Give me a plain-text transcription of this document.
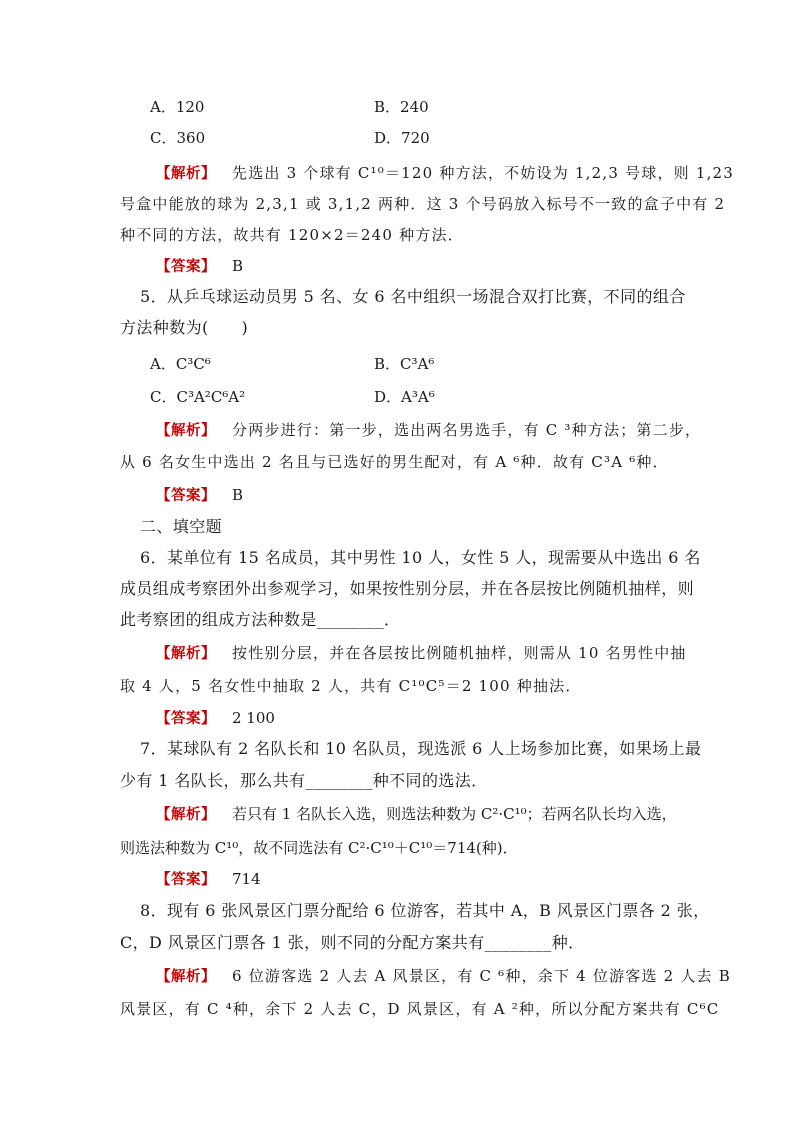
A．120	B．240
C．360	D．720
【解析】 先选出 3 个球有 C¹⁰＝120 种方法，不妨设为 1,2,3 号球，则 1,23
号盒中能放的球为 2,3,1 或 3,1,2 两种．这 3 个号码放入标号不一致的盒子中有 2
种不同的方法，故共有 120×2＝240 种方法．
【答案】 B
5．从乒乓球运动员男 5 名、女 6 名中组织一场混合双打比赛，不同的组合
方法种数为(　　)
A．C³C⁶	B．C³A⁶
C．C³A²C⁶A²	D．A³A⁶
【解析】 分两步进行：第一步，选出两名男选手，有 C ³种方法；第二步，
从 6 名女生中选出 2 名且与已选好的男生配对，有 A ⁶种．故有 C³A ⁶种．
【答案】 B
二、填空题
6．某单位有 15 名成员，其中男性 10 人，女性 5 人，现需要从中选出 6 名
成员组成考察团外出参观学习，如果按性别分层，并在各层按比例随机抽样，则
此考察团的组成方法种数是________．
【解析】 按性别分层，并在各层按比例随机抽样，则需从 10 名男性中抽
取 4 人，5 名女性中抽取 2 人，共有 C¹⁰C⁵＝2 100 种抽法．
【答案】 2 100
7．某球队有 2 名队长和 10 名队员，现选派 6 人上场参加比赛，如果场上最
少有 1 名队长，那么共有________种不同的选法．
【解析】 若只有 1 名队长入选，则选法种数为 C²·C¹⁰；若两名队长均入选，
则选法种数为 C¹⁰，故不同选法有 C²·C¹⁰＋C¹⁰＝714(种)．
【答案】 714
8．现有 6 张风景区门票分配给 6 位游客，若其中 A，B 风景区门票各 2 张，
C，D 风景区门票各 1 张，则不同的分配方案共有________种．
【解析】 6 位游客选 2 人去 A 风景区，有 C ⁶种，余下 4 位游客选 2 人去 B
风景区，有 C ⁴种，余下 2 人去 C，D 风景区，有 A ²种，所以分配方案共有 C⁶C
